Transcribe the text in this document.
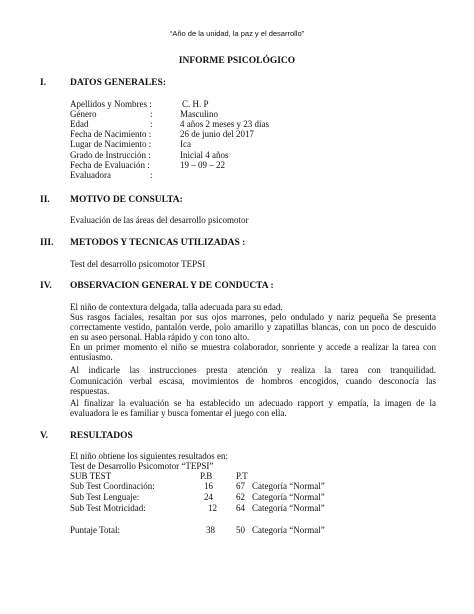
“Año de la unidad, la paz y el desarrollo”
INFORME PSICOLÓGICO
I.	DATOS GENERALES:
Apellidos y Nombres :	C. H. P
Género	:	Masculino
Edad	:	4 años 2 meses y 23 días
Fecha de Nacimiento :	26 de junio del 2017
Lugar de Nacimiento :	Ica
Grado de Instrucción :	Inicial 4 años
Fecha de Evaluación :	19 – 09 – 22
Evaluadora	:
II. MOTIVO DE CONSULTA:
Evaluación de las áreas del desarrollo psicomotor
III. METODOS Y TECNICAS UTILIZADAS :
Test del desarrollo psicomotor TEPSI
IV. OBSERVACION GENERAL Y DE CONDUCTA :
El niño de contextura delgada, talla adecuada para su edad.
Sus rasgos faciales, resaltan por sus ojos marrones, pelo ondulado y nariz pequeña Se presenta
correctamente vestido, pantalón verde, polo amarillo y zapatillas blancas, con un poco de descuido
en su aseo personal. Habla rápido y con tono alto.
En un primer momento el niño se muestra colaborador, sonriente y accede a realizar la tarea con
entusiasmo.
Al indicarle las instrucciones presta atención y realiza la tarea con tranquilidad.
Comunicación verbal escasa, movimientos de hombros encogidos, cuando desconocía las
respuestas.
Al finalizar la evaluación se ha establecido un adecuado rapport y empatía, la imagen de la
evaluadora le es familiar y busca fomentar el juego con ella.
V. RESULTADOS
El niño obtiene los siguientes resultados en:
Test de Desarrollo Psicomotor “TEPSI”
SUB TEST	P.B	P.T
Sub Test Coordinación:	16	67 Categoría “Normal”
Sub Test Lenguaje:	24	62 Categoría “Normal”
Sub Test Motricidad:	12 64 Categoría “Normal”
Puntaje Total:	38 50 Categoría “Normal”
